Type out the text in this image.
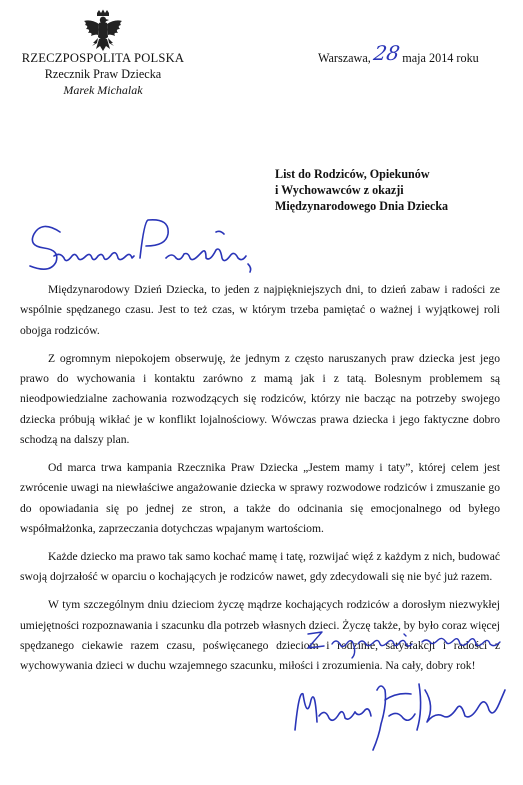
RZECZPOSPOLITA POLSKA
Rzecznik Praw Dziecka
Marek Michalak
Warszawa,28maja 2014 roku
List do Rodziców, Opiekunów
i Wychowawców z okazji
Międzynarodowego Dnia Dziecka

Międzynarodowy Dzień Dziecka, to jeden z najpiękniejszych dni, to dzień zabaw i radości ze wspólnie spędzanego czasu. Jest to też czas, w którym trzeba pamiętać o ważnej i wyjątkowej roli obojga rodziców.

Z ogromnym niepokojem obserwuję, że jednym z często naruszanych praw dziecka jest jego prawo do wychowania i kontaktu zarówno z mamą jak i z tatą. Bolesnym problemem są nieodpowiedzialne zachowania rozwodzących się rodziców, którzy nie bacząc na potrzeby swojego dziecka próbują wikłać je w konflikt lojalnościowy. Wówczas prawa dziecka i jego faktyczne dobro schodzą na dalszy plan.

Od marca trwa kampania Rzecznika Praw Dziecka „Jestem mamy i taty”, której celem jest zwrócenie uwagi na niewłaściwe angażowanie dziecka w sprawy rozwodowe rodziców i zmuszanie go do opowiadania się po jednej ze stron, a także do odcinania się emocjonalnego od byłego współmałżonka, zaprzeczania dotychczas wpajanym wartościom.

Każde dziecko ma prawo tak samo kochać mamę i tatę, rozwijać więź z każdym z nich, budować swoją dojrzałość w oparciu o kochających je rodziców nawet, gdy zdecydowali się nie być już razem.

W tym szczególnym dniu dzieciom życzę mądrze kochających rodziców a dorosłym niezwykłej umiejętności rozpoznawania i szacunku dla potrzeb własnych dzieci. Życzę także, by było coraz więcej spędzanego ciekawie razem czasu, poświęcanego dzieciom i rodzinie, satysfakcji i radości z wychowywania dzieci w duchu wzajemnego szacunku, miłości i zrozumienia. Na cały, dobry rok!
